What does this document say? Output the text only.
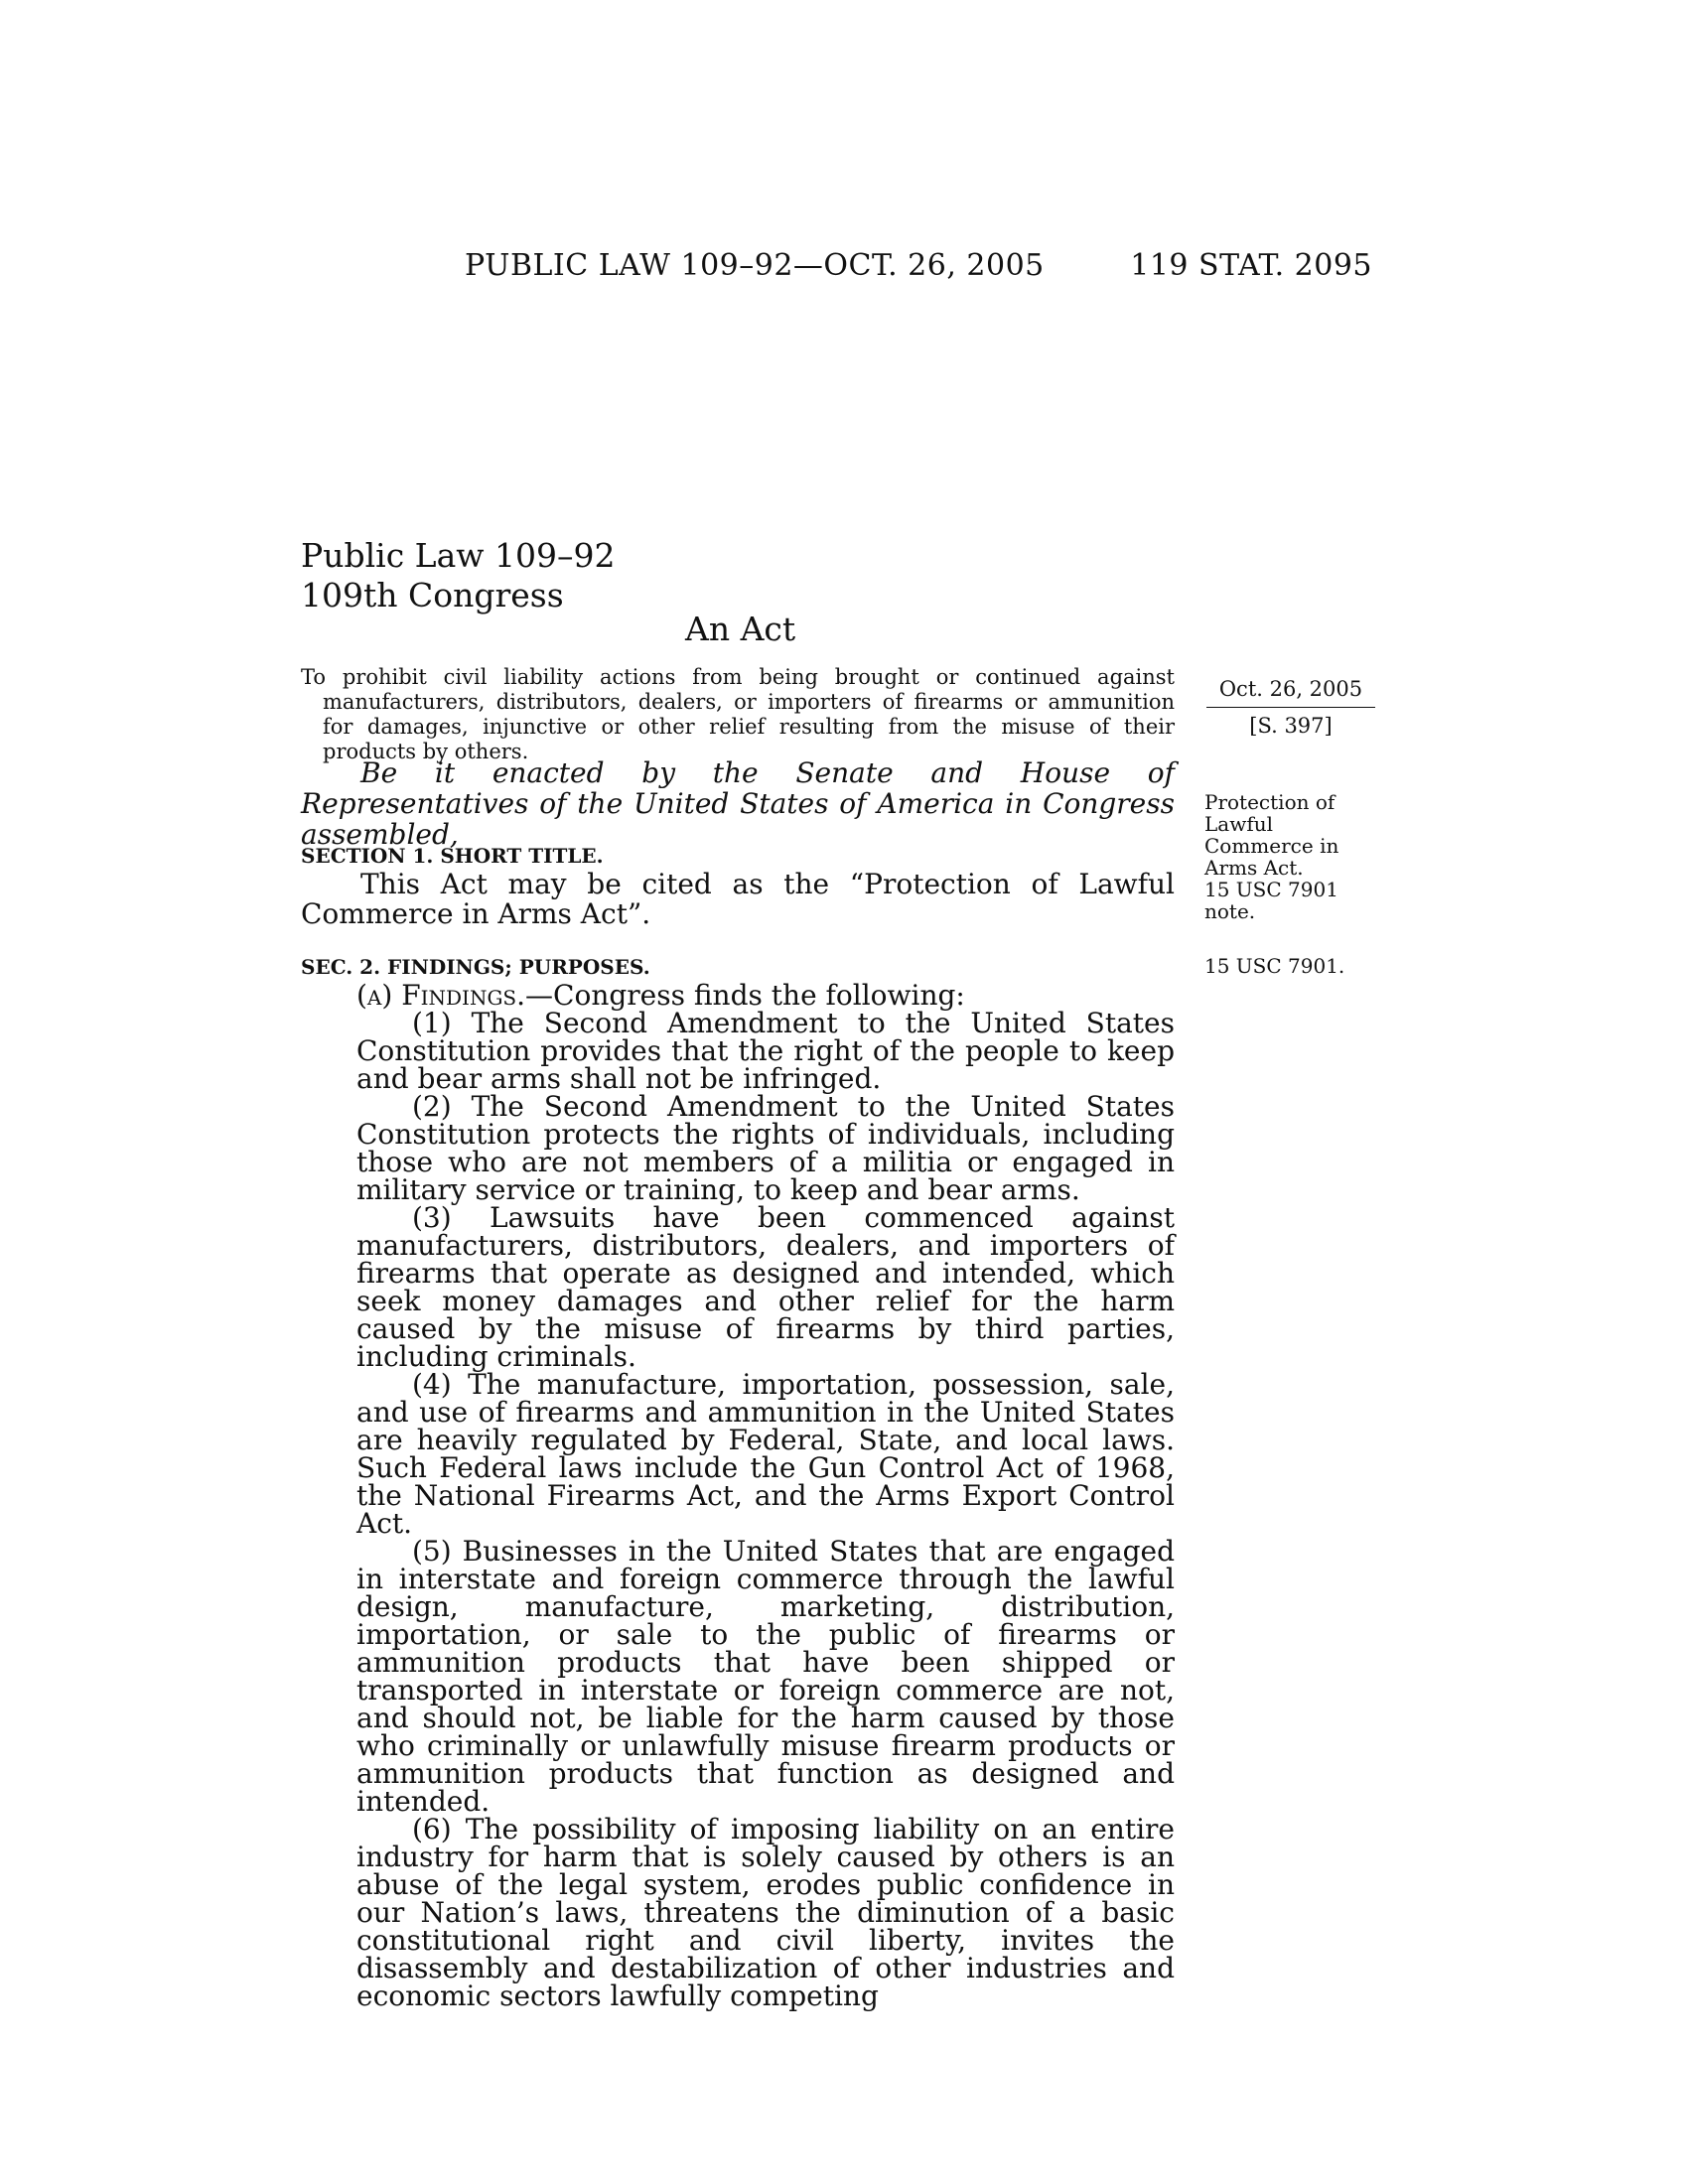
PUBLIC LAW 109–92—OCT. 26, 2005	119 STAT. 2095
Public Law 109–92
109th Congress
An Act
To prohibit civil liability actions from being brought or continued against manufacturers, distributors, dealers, or importers of firearms or ammunition for damages, injunctive or other relief resulting from the misuse of their products by others.
Oct. 26, 2005
[S. 397]
Be it enacted by the Senate and House of Representatives of the United States of America in Congress assembled,
Protection of
Lawful
Commerce in
Arms Act.
15 USC 7901
note.
SECTION 1. SHORT TITLE.
This Act may be cited as the “Protection of Lawful Commerce in Arms Act”.
SEC. 2. FINDINGS; PURPOSES.	15 USC 7901.

(a) Findings.—Congress finds the following:

(1) The Second Amendment to the United States Constitution provides that the right of the people to keep and bear arms shall not be infringed.

(2) The Second Amendment to the United States Constitution protects the rights of individuals, including those who are not members of a militia or engaged in military service or training, to keep and bear arms.

(3) Lawsuits have been commenced against manufacturers, distributors, dealers, and importers of firearms that operate as designed and intended, which seek money damages and other relief for the harm caused by the misuse of firearms by third parties, including criminals.

(4) The manufacture, importation, possession, sale, and use of firearms and ammunition in the United States are heavily regulated by Federal, State, and local laws. Such Federal laws include the Gun Control Act of 1968, the National Firearms Act, and the Arms Export Control Act.

(5) Businesses in the United States that are engaged in interstate and foreign commerce through the lawful design, manufacture, marketing, distribution, importation, or sale to the public of firearms or ammunition products that have been shipped or transported in interstate or foreign commerce are not, and should not, be liable for the harm caused by those who criminally or unlawfully misuse firearm products or ammunition products that function as designed and intended.

(6) The possibility of imposing liability on an entire industry for harm that is solely caused by others is an abuse of the legal system, erodes public confidence in our Nation’s laws, threatens the diminution of a basic constitutional right and civil liberty, invites the disassembly and destabilization of other industries and economic sectors lawfully competing
